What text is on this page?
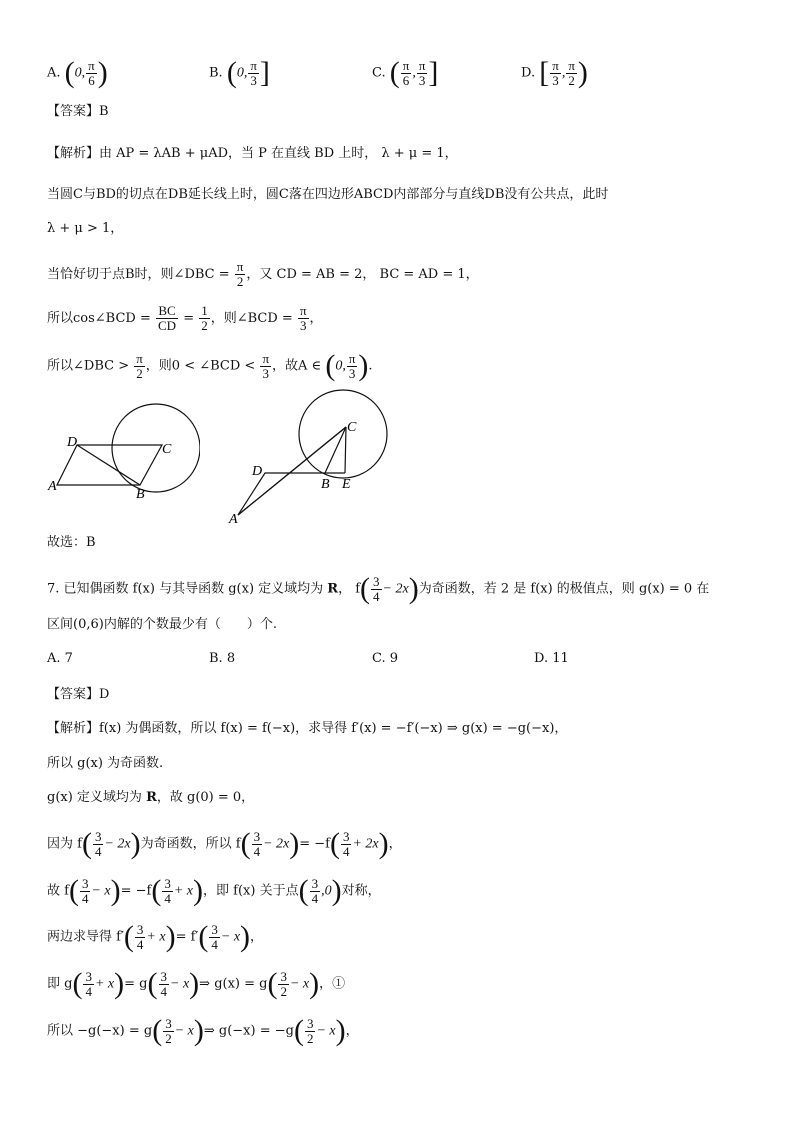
A. (0, $\frac{\pi}{6}$ )	B. (0, $\frac{\pi}{3}$ ]	C. ( $\frac{\pi}{6}$ , $\frac{\pi}{3}$ ]	D. [ $\frac{\pi}{3}$ , $\frac{\pi}{2}$ )
【答案】B
【解析】由 AP = λAB + μAD，当 P 在直线 BD 上时， λ + μ = 1，
当圆C与BD的切点在DB延长线上时，圆C落在四边形ABCD内部部分与直线DB没有公共点，此时
λ + μ > 1，
当恰好切于点B时，则∠DBC = $\frac{\pi}{2}$ ，又 CD = AB = 2， BC = AD = 1，
所以cos∠BCD = $\frac{BC}{CD} = \frac{1}{2}$ ，则∠BCD = $\frac{\pi}{3}$ ，
所以∠DBC > $\frac{\pi}{2}$ ，则0 < ∠BCD < $\frac{\pi}{3}$ ，故A ∈ (0, $\frac{\pi}{3}$ ).
D	C
A
B
C
D
B E
A
故选：B
7. 已知偶函数 f(x) 与其导函数 g(x) 定义域均为 R， $f( \frac{3}{4} - 2x)$为奇函数，若 2 是 f(x) 的极值点，则 g(x) = 0 在
区间(0,6)内解的个数最少有（　　）个.
A. 7	B. 8	C. 9	D. 11
【答案】D
【解析】f(x) 为偶函数，所以 f(x) = f(−x)，求导得 f′(x) = −f′(−x) ⇒ g(x) = −g(−x)，
所以 g(x) 为奇函数.
g(x) 定义域均为 R，故 g(0) = 0，
因为 $f( \frac{3}{4} - 2x)$为奇函数，所以 $f( \frac{3}{4} - 2x)= -f( \frac{3}{4} + 2x)$，
故 $f( \frac{3}{4} - x)= -f( \frac{3}{4} + x)$，即 f(x) 关于点( $\frac{3}{4} ,0$)对称，
两边求导得 $f'( \frac{3}{4} + x)= f'( \frac{3}{4} - x)$，
即 $g( \frac{3}{4} + x)= g( \frac{3}{4}$ − x)⇒ $g(x) = g( \frac{3}{2} - x)$，①
所以 $-g(-x) = g( \frac{3}{2}$ − x)⇒ $g(-x) = -g( \frac{3}{2} - x)$，
